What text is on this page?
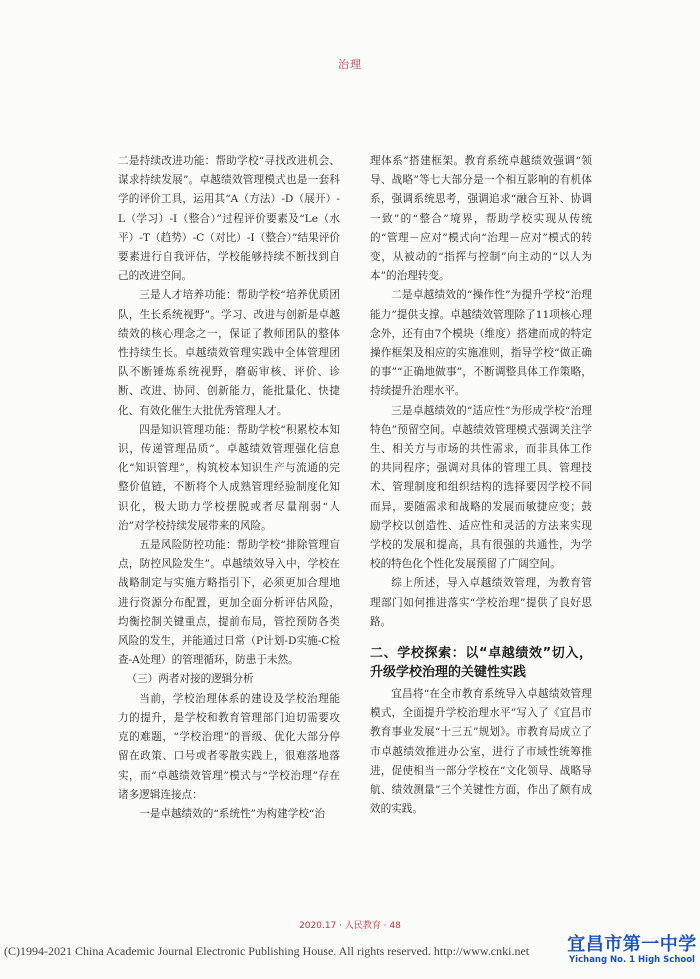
治理

二是持续改进功能：帮助学校“寻找改进机会、谋求持续发展”。卓越绩效管理模式也是一套科学的评价工具，运用其“A（方法）-D（展开）-L（学习）-I（整合）”过程评价要素及“Le（水平）-T（趋势）-C（对比）-I（整合）”结果评价要素进行自我评估，学校能够持续不断找到自己的改进空间。

三是人才培养功能：帮助学校“培养优质团队，生长系统视野”。学习、改进与创新是卓越绩效的核心理念之一，保证了教师团队的整体性持续生长。卓越绩效管理实践中全体管理团队不断锤炼系统视野，磨砺审核、评价、诊断、改进、协同、创新能力，能批量化、快捷化、有效化催生大批优秀管理人才。

四是知识管理功能：帮助学校“积累校本知识，传递管理品质”。卓越绩效管理强化信息化“知识管理”，构筑校本知识生产与流通的完整价值链，不断将个人成熟管理经验制度化知识化，极大助力学校摆脱或者尽量削弱“人治”对学校持续发展带来的风险。

五是风险防控功能：帮助学校“排除管理盲点，防控风险发生”。卓越绩效导入中，学校在战略制定与实施方略指引下，必须更加合理地进行资源分布配置，更加全面分析评估风险，均衡控制关键重点，提前布局，管控预防各类风险的发生，并能通过日常（P计划-D实施-C检查-A处理）的管理循环，防患于未然。

（三）两者对接的逻辑分析

当前，学校治理体系的建设及学校治理能力的提升，是学校和教育管理部门迫切需要攻克的难题，“学校治理”的晋级、优化大部分停留在政策、口号或者零散实践上，很难落地落实，而“卓越绩效管理”模式与“学校治理”存在诸多逻辑连接点：

一是卓越绩效的“系统性”为构建学校“治

理体系”搭建框架。教育系统卓越绩效强调“领导、战略”等七大部分是一个相互影响的有机体系，强调系统思考，强调追求“融合互补、协调一致”的“整合”境界，帮助学校实现从传统的“管理－应对”模式向“治理－应对”模式的转变，从被动的“指挥与控制”向主动的“以人为本”的治理转变。

二是卓越绩效的“操作性”为提升学校“治理能力”提供支撑。卓越绩效管理除了11项核心理念外，还有由7个模块（维度）搭建而成的特定操作框架及相应的实施准则，指导学校“做正确的事”“正确地做事”，不断调整具体工作策略，持续提升治理水平。

三是卓越绩效的“适应性”为形成学校“治理特色”预留空间。卓越绩效管理模式强调关注学生、相关方与市场的共性需求，而非具体工作的共同程序；强调对具体的管理工具、管理技术、管理制度和组织结构的选择要因学校不同而异，要随需求和战略的发展而敏捷应变；鼓励学校以创造性、适应性和灵活的方法来实现学校的发展和提高，具有很强的共通性，为学校的特色化个性化发展预留了广阔空间。

综上所述，导入卓越绩效管理，为教育管理部门如何推进落实“学校治理”提供了良好思路。

二、学校探索：以“卓越绩效”切入，升级学校治理的关键性实践

宜昌将“在全市教育系统导入卓越绩效管理模式，全面提升学校治理水平”写入了《宜昌市教育事业发展“十三五”规划》。市教育局成立了市卓越绩效推进办公室，进行了市域性统筹推进，促使相当一部分学校在“文化领导、战略导航、绩效测量”三个关键性方面，作出了颇有成效的实践。

2020.17 · 人民教育 · 48
(C)1994-2021 China Academic Journal Electronic Publishing House. All rights reserved. http://www.cnki.net 宜昌市第一中学
Yichang No. 1 High School
